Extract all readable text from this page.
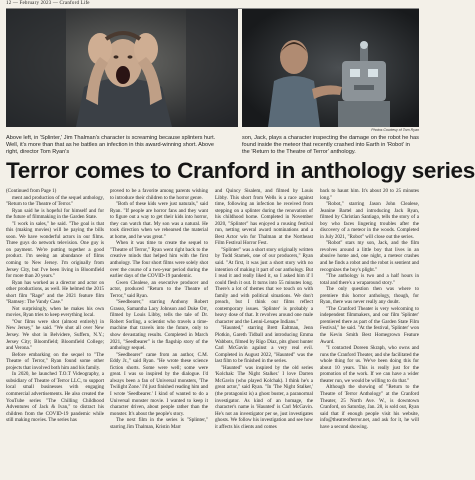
12 — February 2023 — Cranford Life
Photos Courtesy of Tom Ryan
Above left, in 'Splinter,' Jim Thalman's character is screaming because splinters hurt. Well, it's more than that as he battles an infection in this award-winning short. Above right, director Tom Ryan's
son, Jack, plays a character inspecting the damage on the robot he has found inside the meteor that recently crashed into Earth in 'Robot' in the 'Return to the Theatre of Terror' anthology.
Terror comes to Cranford in anthology series

(Continued from Page 1)

ment and production of the sequel anthology, "Return to the Theatre of Terror."

Ryan said he is hopeful for himself and for the future of filmmaking in the Garden State.

"I work in sales," he said. "The goal is that this (making movies) will be paying the bills soon. We have wonderful actors in our films. Three guys do network television. One guy is on payment. We're putting together a good product. I'm seeing an abundance of films coming to New Jersey. I'm originally from Jersey City, but I've been living in Bloomfield for more than 20 years."

Ryan has worked as a director and actor on other productions, as well. He helmed the 2015 short film "Rage" and the 2021 feature film "Ramsey: The Vandy Case."

Not surprisingly, when he makes his own movies, Ryan tries to keep everything local.

"Our films were shot (almost entirely) in New Jersey," he said. "We shot all over New Jersey. We shot in Belvidere, Suffern, N.Y.; Jersey City; Bloomfield; Bloomfield College; and Verona."

Before embarking on the sequel to "The Theatre of Terror," Ryan found some other projects that involved both him and his family.

In 2020, he launched T.O.T Videography, a subsidiary of Theatre of Terror LLC, to support local small businesses with engaging commercial advertisements. He also created the YouTube series "The Chilling Childhood Adventures of Jack & Ivan," to distract his children from the COVID-19 pandemic while still making movies. The series has

proved to be a favorite among parents wishing to introduce their children to the horror genre.

"Both of these kids were just naturals," said Ryan. "If people are horror fans and they want to figure out a way to get their kids into horror, they can watch that. My son was a natural. He took direction when we rehearsed the material at home, and he was great."

When it was time to create the sequel to "Theatre of Terror," Ryan went right back to the creative minds that helped him with the first anthology. The four short films were solely shot over the course of a two-year period during the earlier days of the COVID-19 pandemic.

Gwen Clealese, an executive producer and actor, produced "Return to the Theatre of Terror," said Ryan.

"Seedbearer," starring Anthony Robert Grasso, Samantha Lacy Johnson and Duke Orr, filmed by Louis Libby, tells the tale of Dr. Robert Sorling, a scientist who travels a time-machine that travels into the future, only to show devastating results. Completed in March 2021, "Seedbearer" is the flagship story of the anthology sequel.

"Seedbearer" came from an author, C.M. Eddy Jr.," said Ryan. "He wrote these science fiction shorts. Some were well; some were great. I was so inspired by the dialogue. I'd always been a fan of Universal monsters, 'The Twilight Zone.' I'd just finished reading him and I wrote 'Seedbearer.' I kind of wanted to do a Universal monster movie. I wanted to keep it character driven, about people rather than the monster. It's about the people's story.

The next film in the series is "Splinter," starring Jim Thalman, Kristin Marr

and Quincy Sisalem, and filmed by Louis Libby. This short from Wells is a race against time, following an infection he received from stepping on a splinter during the renovation of his childhood home. Completed in November 2020, "Splinter" has enjoyed a rousing festival run, netting several award nominations and a Best Actor win for Thalman at the Northeast Film Festival Horror Fest.

"Splinter" was a short story originally written by Todd Starnek, one of our producers," Ryan said. "At first, it was just a short story with no intention of making it part of our anthology. But I read it and really liked it, so I asked him if I could flesh it out. It turns into 55 minutes long. There's a lot of themes that we touch on with family and with political situations. We don't preach, but I think our films reflect contemporary issues. 'Splinter' is probably a heavy dose of that. It revolves around one male character and the Lenni-Lenape Indians."

"Haunted," starring Brett Ealtman, Jenn Plotkin, Gareth Tidball and introducing Emma Wabbots, filmed by Rigo Diaz, pits ghost hunter Carl McGavin against a very real evil. Completed in August 2022, "Haunted" was the last film to be finished in the series.

"Haunted" was inspired by the old series 'Kolchak: The Night Stalker.' I love Darren McGavin (who played Kolchak). I think he's a great actor," said Ryan. "In 'The Night Stalker,' (the protagonist is) a ghost buster, a paranormal investigator. As kind of an homage, the character's name is 'Haunted' is Carl McGavin. He's not an investigator per se, just investigates ghosts. We follow his investigation and see how it affects his clients and comes

back to haunt him. It's about 20 to 25 minutes long."

"Robot," starring Jason John Clealese, Jeanine Bartel and introducing Jack Ryan, filmed by Christian Santiago, tells the story of a boy who faces lingering troubles after the discovery of a meteor in the woods. Completed in July 2021, "Robot" will close out the series.

"Robot" stars my son, Jack, and the film revolves around a little boy that lives in an abusive home and, one night, a meteor crashes and he finds a robot and the robot is sentient and recognizes the boy's plight."

"The anthology is two and a half hours in total and there's a wraparound story."

The only question then was where to premiere this horror anthology, though, for Ryan, there was never really any doubt.

"The Cranford Theater is very welcoming to independent filmmakers, and our film 'Splinter' premiered there as part of the Garden State Film Festival," he said. "At the festival, 'Splinter' won the Kevin Smith Best Homegrown Feature Award.

"I contacted Doreen Skraph, who owns and runs the Cranford Theater, and she facilitated the whole thing for us. We've been doing this for about 10 years. This is really just for the promotion of the work. If we can have a wider theater run, we would be willing to do that."

Although the showing of "Return to the Theatre of Terror Anthology" at the Cranford Theater, 25 North Ave. W., is downtown Cranford, on Saturday, Jan. 28, is sold out, Ryan said that if enough people visit his website, info@theatreofterror.net, and ask for it, he will have a second showing.
